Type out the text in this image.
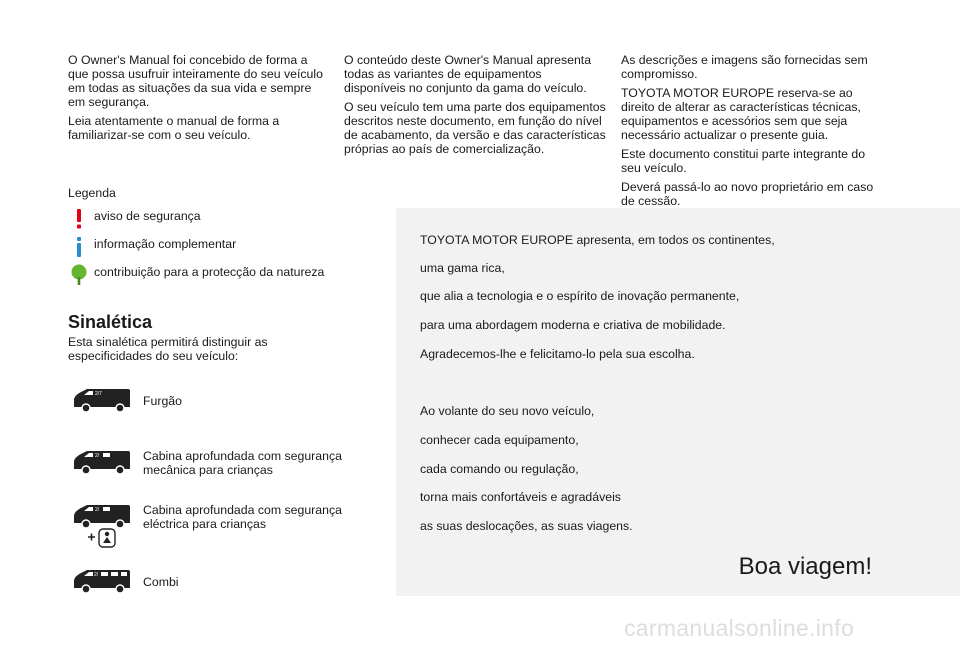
O Owner's Manual foi concebido de forma a que possa usufruir inteiramente do seu veículo em todas as situações da sua vida e sempre em segurança.

Leia atentamente o manual de forma a familiarizar-se com o seu veículo.

O conteúdo deste Owner's Manual apresenta todas as variantes de equipamentos disponíveis no conjunto da gama do veículo.

O seu veículo tem uma parte dos equipamentos descritos neste documento, em função do nível de acabamento, da versão e das características próprias ao país de comercialização.

As descrições e imagens são fornecidas sem compromisso.

TOYOTA MOTOR EUROPE reserva-se ao direito de alterar as características técnicas, equipamentos e acessórios sem que seja necessário actualizar o presente guia.

Este documento constitui parte integrante do seu veículo.

Deverá passá-lo ao novo proprietário em caso de cessão.

Legenda
aviso de segurança
informação complementar
contribuição para a protecção da natureza
Sinalética
Esta sinalética permitirá distinguir as especificidades do seu veículo:
2/7	Furgão
2/	Cabina aprofundada com segurança mecânica para crianças
2/	Cabina aprofundada com segurança eléctrica para crianças
2/	Combi
TOYOTA MOTOR EUROPE apresenta, em todos os continentes,
uma gama rica,
que alia a tecnologia e o espírito de inovação permanente,
para uma abordagem moderna e criativa de mobilidade.
Agradecemos-lhe e felicitamo-lo pela sua escolha.
Ao volante do seu novo veículo,
conhecer cada equipamento,
cada comando ou regulação,
torna mais confortáveis e agradáveis
as suas deslocações, as suas viagens.
Boa viagem!
carmanualsonline.info
